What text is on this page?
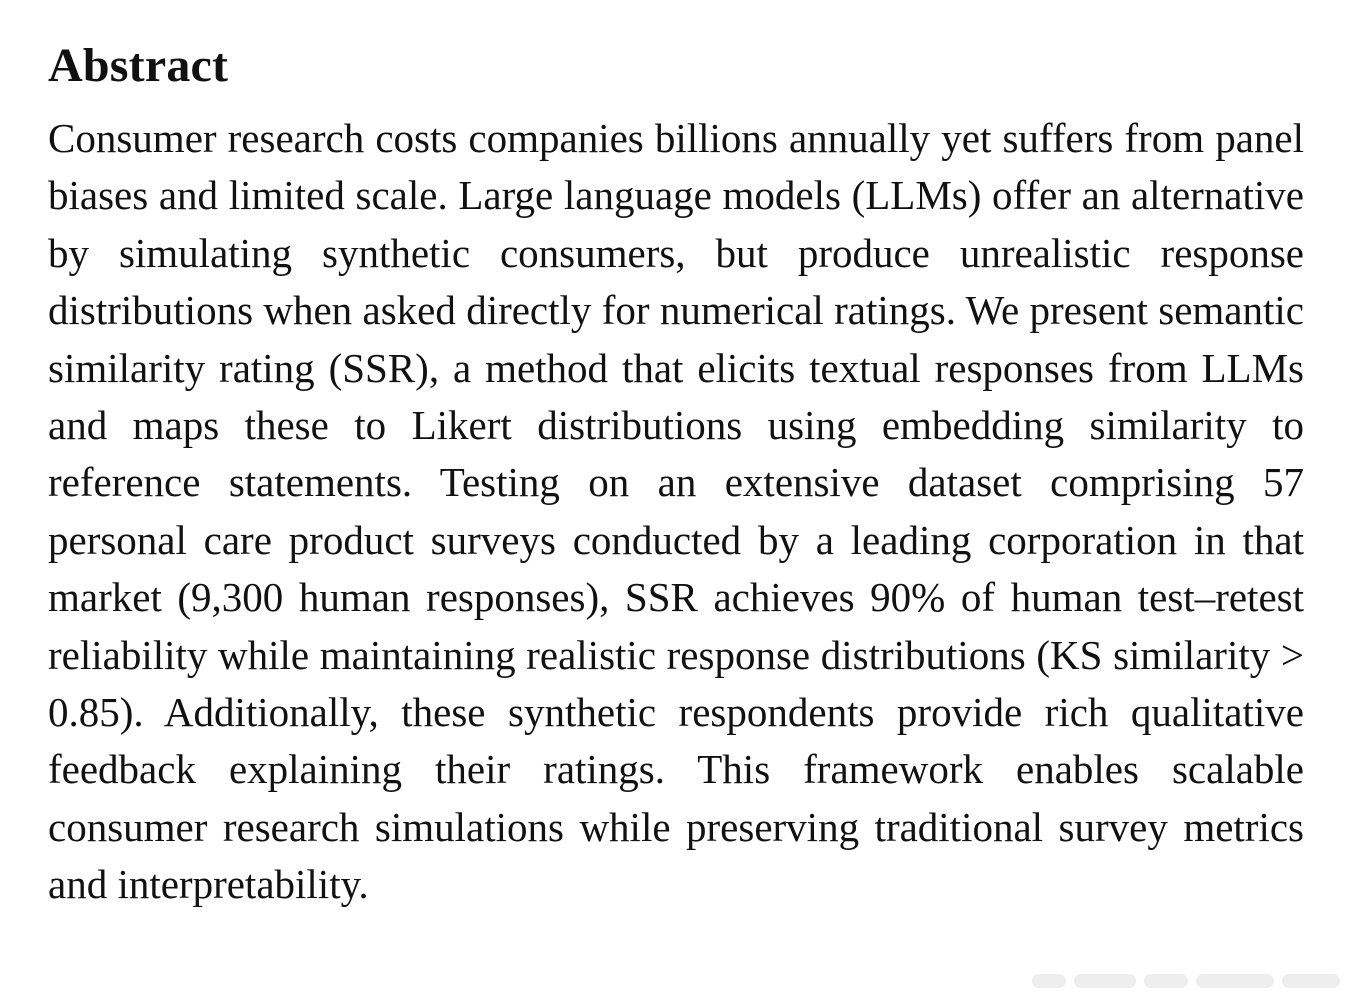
Abstract

Consumer research costs companies billions annually yet suffers from panel biases and limited scale. Large language models (LLMs) offer an alternative by simulating synthetic consumers, but produce unrealistic response distributions when asked directly for numerical ratings. We present semantic similarity rating (SSR), a method that elicits textual responses from LLMs and maps these to Likert distributions using embedding similarity to reference statements. Testing on an extensive dataset comprising 57 personal care product surveys conducted by a leading corporation in that market (9,300 human responses), SSR achieves 90% of human test–retest reliability while maintaining realistic response distributions (KS similarity > 0.85). Additionally, these synthetic respondents provide rich qualitative feedback explaining their ratings. This framework enables scalable consumer research simulations while preserving traditional survey metrics and interpretability.
